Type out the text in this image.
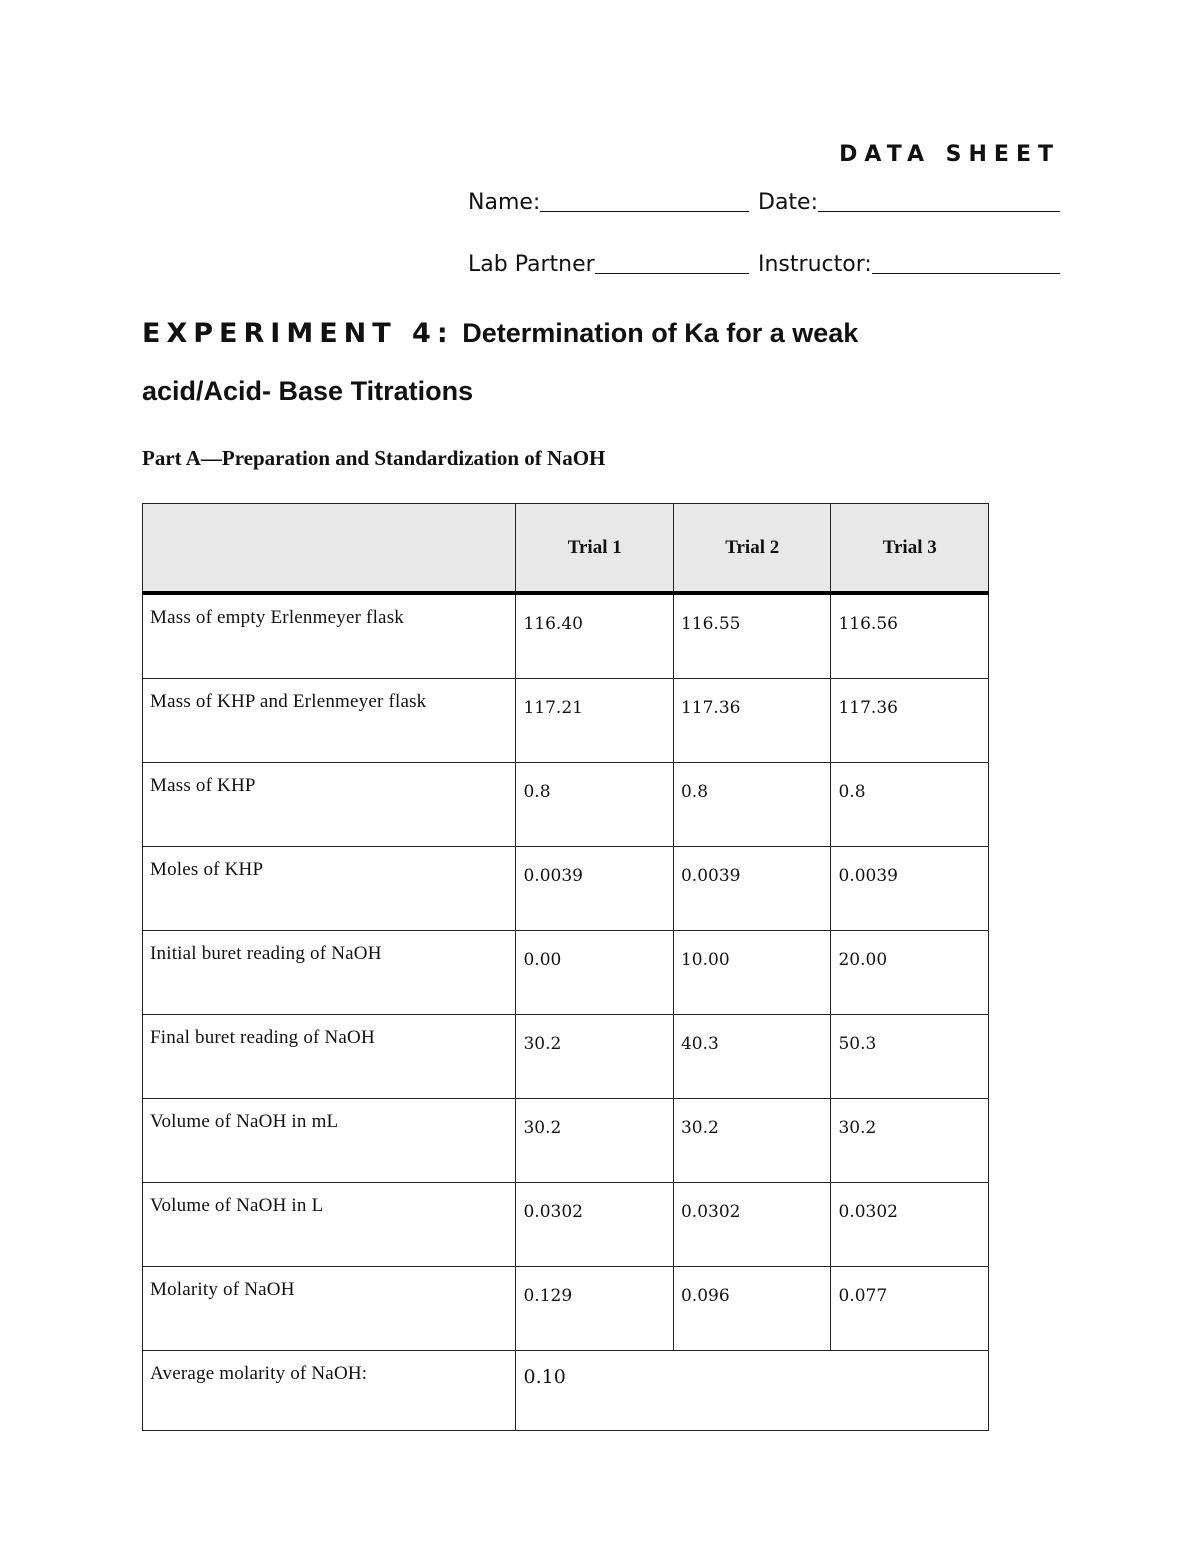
DATA SHEET
Name:	Date:
Lab Partner	Instructor:
EXPERIMENT 4: Determination of Ka for a weak
acid/Acid- Base Titrations
Part A—Preparation and Standardization of NaOH
	Trial 1	Trial 2	Trial 3
Mass of empty Erlenmeyer flask	116.40	116.55	116.56
Mass of KHP and Erlenmeyer flask	117.21	117.36	117.36
Mass of KHP	0.8	0.8	0.8
Moles of KHP	0.0039	0.0039	0.0039
Initial buret reading of NaOH	0.00	10.00	20.00
Final buret reading of NaOH	30.2	40.3	50.3
Volume of NaOH in mL	30.2	30.2	30.2
Volume of NaOH in L	0.0302	0.0302	0.0302
Molarity of NaOH	0.129	0.096	0.077
Average molarity of NaOH:	0.10		
